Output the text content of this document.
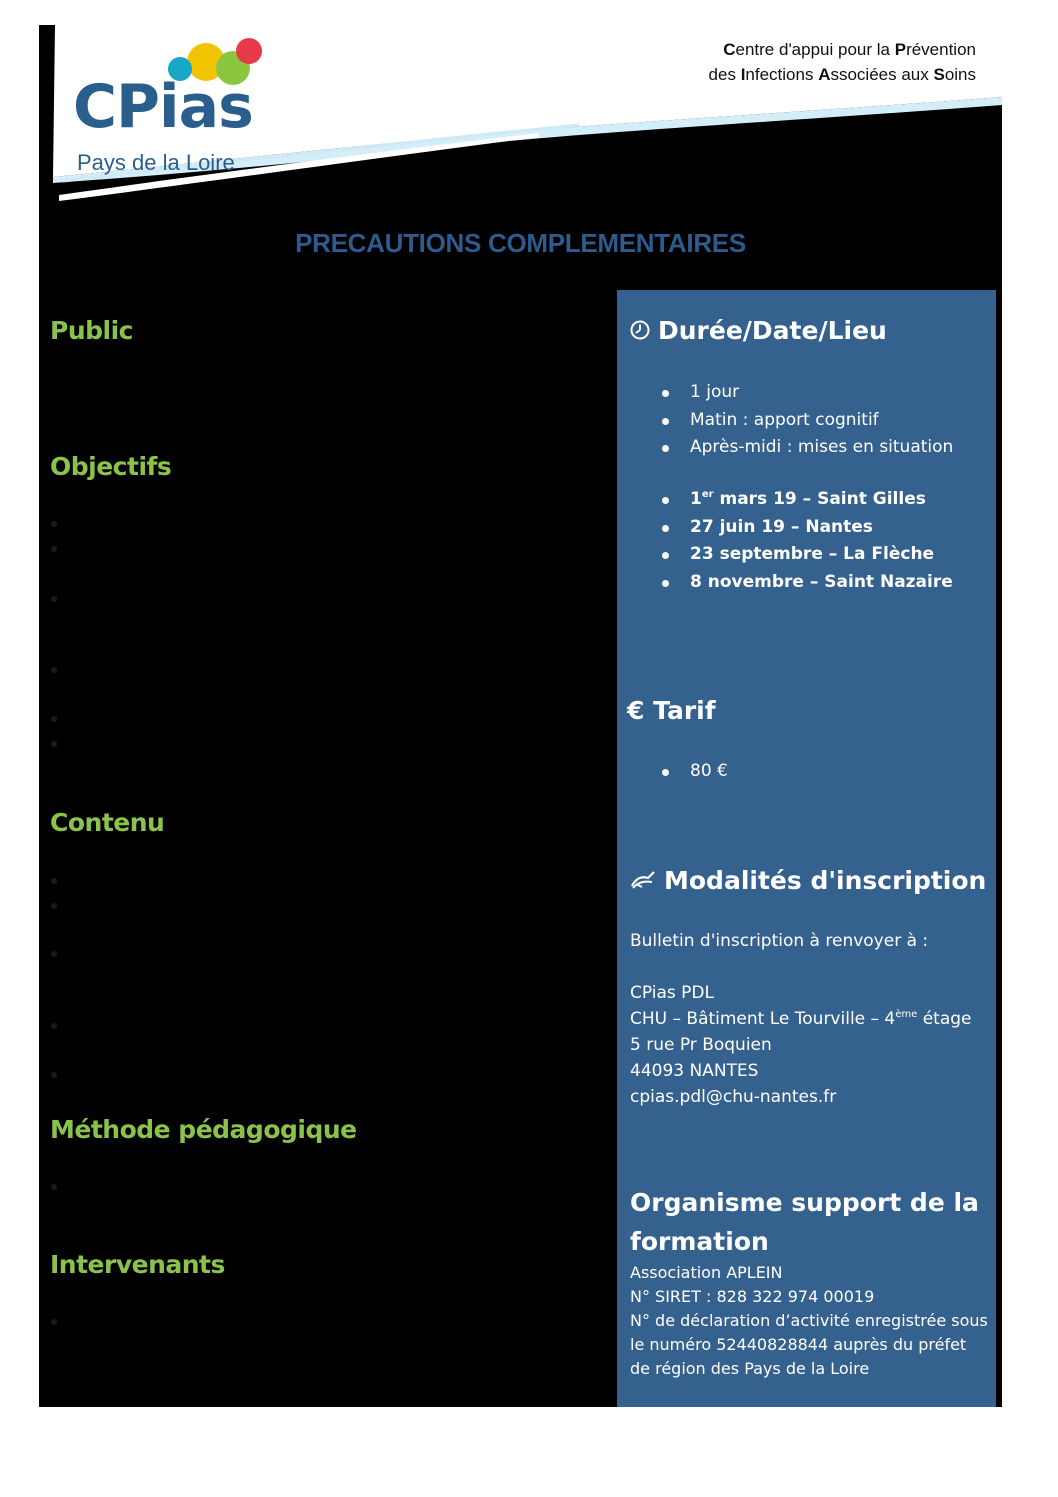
CPias
Pays de la Loire
Centre d'appui pour la Prévention
des Infections Associées aux Soins
PRECAUTIONS COMPLEMENTAIRES
Public
Objectifs
Contenu
Méthode pédagogique
Intervenants
Durée/Date/Lieu
1 jour
Matin : apport cognitif
Après-midi : mises en situation
1er mars 19 – Saint Gilles
27 juin 19 – Nantes
23 septembre – La Flèche
8 novembre – Saint Nazaire
€ Tarif
80 €
Modalités d'inscription
Bulletin d'inscription à renvoyer à :
CPias PDL
CHU – Bâtiment Le Tourville – 4ème étage
5 rue Pr Boquien
44093 NANTES
cpias.pdl@chu-nantes.fr
Organisme support de la
formation
Association APLEIN
N° SIRET : 828 322 974 00019
N° de déclaration d’activité enregistrée sous
le numéro 52440828844 auprès du préfet
de région des Pays de la Loire
